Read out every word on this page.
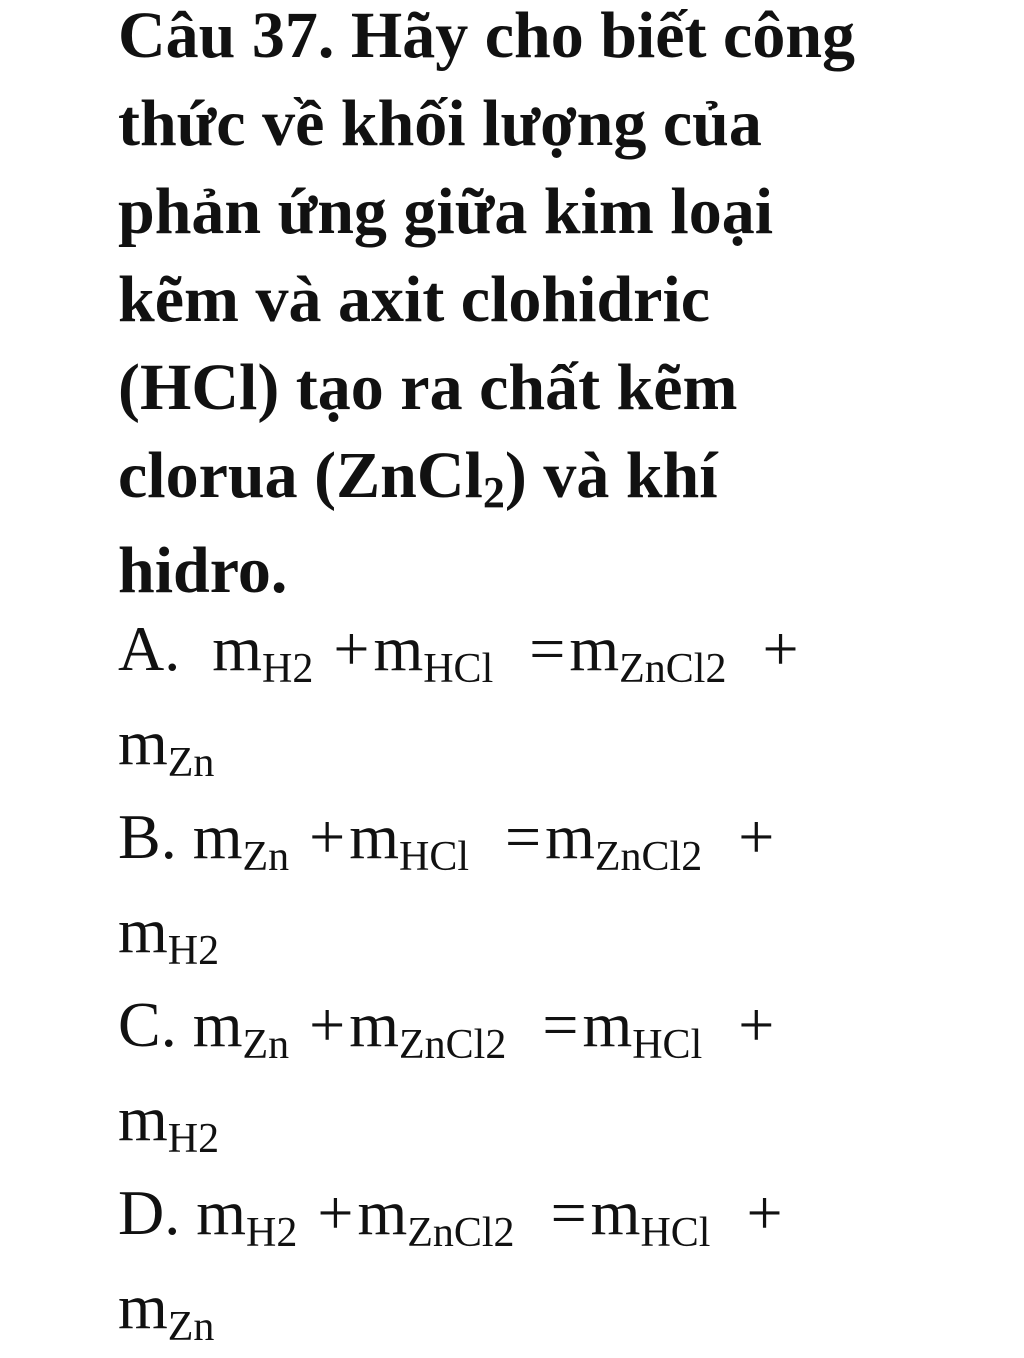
Câu 37. Hãy cho biết công
thức về khối lượng của
phản ứng giữa kim loại
kẽm và axit clohidric
(HCl) tạo ra chất kẽm
clorua (ZnCl2) và khí
hidro.
A. mH2 +mHCl =mZnCl2 +
mZn
B. mZn +mHCl =mZnCl2 +
mH2
C. mZn +mZnCl2 =mHCl +
mH2
D. mH2 +mZnCl2 =mHCl +
mZn
